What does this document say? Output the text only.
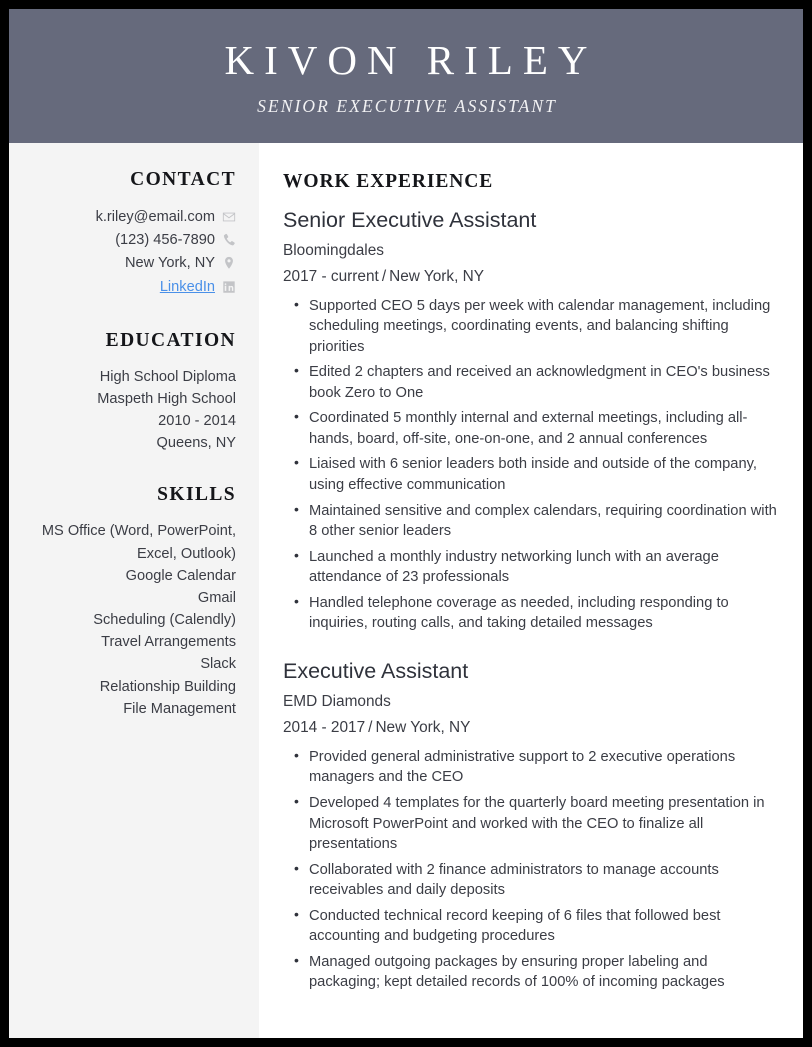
KIVON RILEY
SENIOR EXECUTIVE ASSISTANT
CONTACT
k.riley@email.com
(123) 456-7890
New York, NY
LinkedIn
EDUCATION
High School Diploma
Maspeth High School
2010 - 2014
Queens, NY
SKILLS
MS Office (Word, PowerPoint, Excel, Outlook)
Google Calendar
Gmail
Scheduling (Calendly)
Travel Arrangements
Slack
Relationship Building
File Management
WORK EXPERIENCE
Senior Executive Assistant
Bloomingdales
2017 - current / New York, NY
• Supported CEO 5 days per week with calendar management, including scheduling meetings, coordinating events, and balancing shifting priorities
• Edited 2 chapters and received an acknowledgment in CEO's business book Zero to One
• Coordinated 5 monthly internal and external meetings, including all-hands, board, off-site, one-on-one, and 2 annual conferences
• Liaised with 6 senior leaders both inside and outside of the company, using effective communication
• Maintained sensitive and complex calendars, requiring coordination with 8 other senior leaders
• Launched a monthly industry networking lunch with an average attendance of 23 professionals
• Handled telephone coverage as needed, including responding to inquiries, routing calls, and taking detailed messages
Executive Assistant
EMD Diamonds
2014 - 2017 / New York, NY
• Provided general administrative support to 2 executive operations managers and the CEO
• Developed 4 templates for the quarterly board meeting presentation in Microsoft PowerPoint and worked with the CEO to finalize all presentations
• Collaborated with 2 finance administrators to manage accounts receivables and daily deposits
• Conducted technical record keeping of 6 files that followed best accounting and budgeting procedures
• Managed outgoing packages by ensuring proper labeling and packaging; kept detailed records of 100% of incoming packages
